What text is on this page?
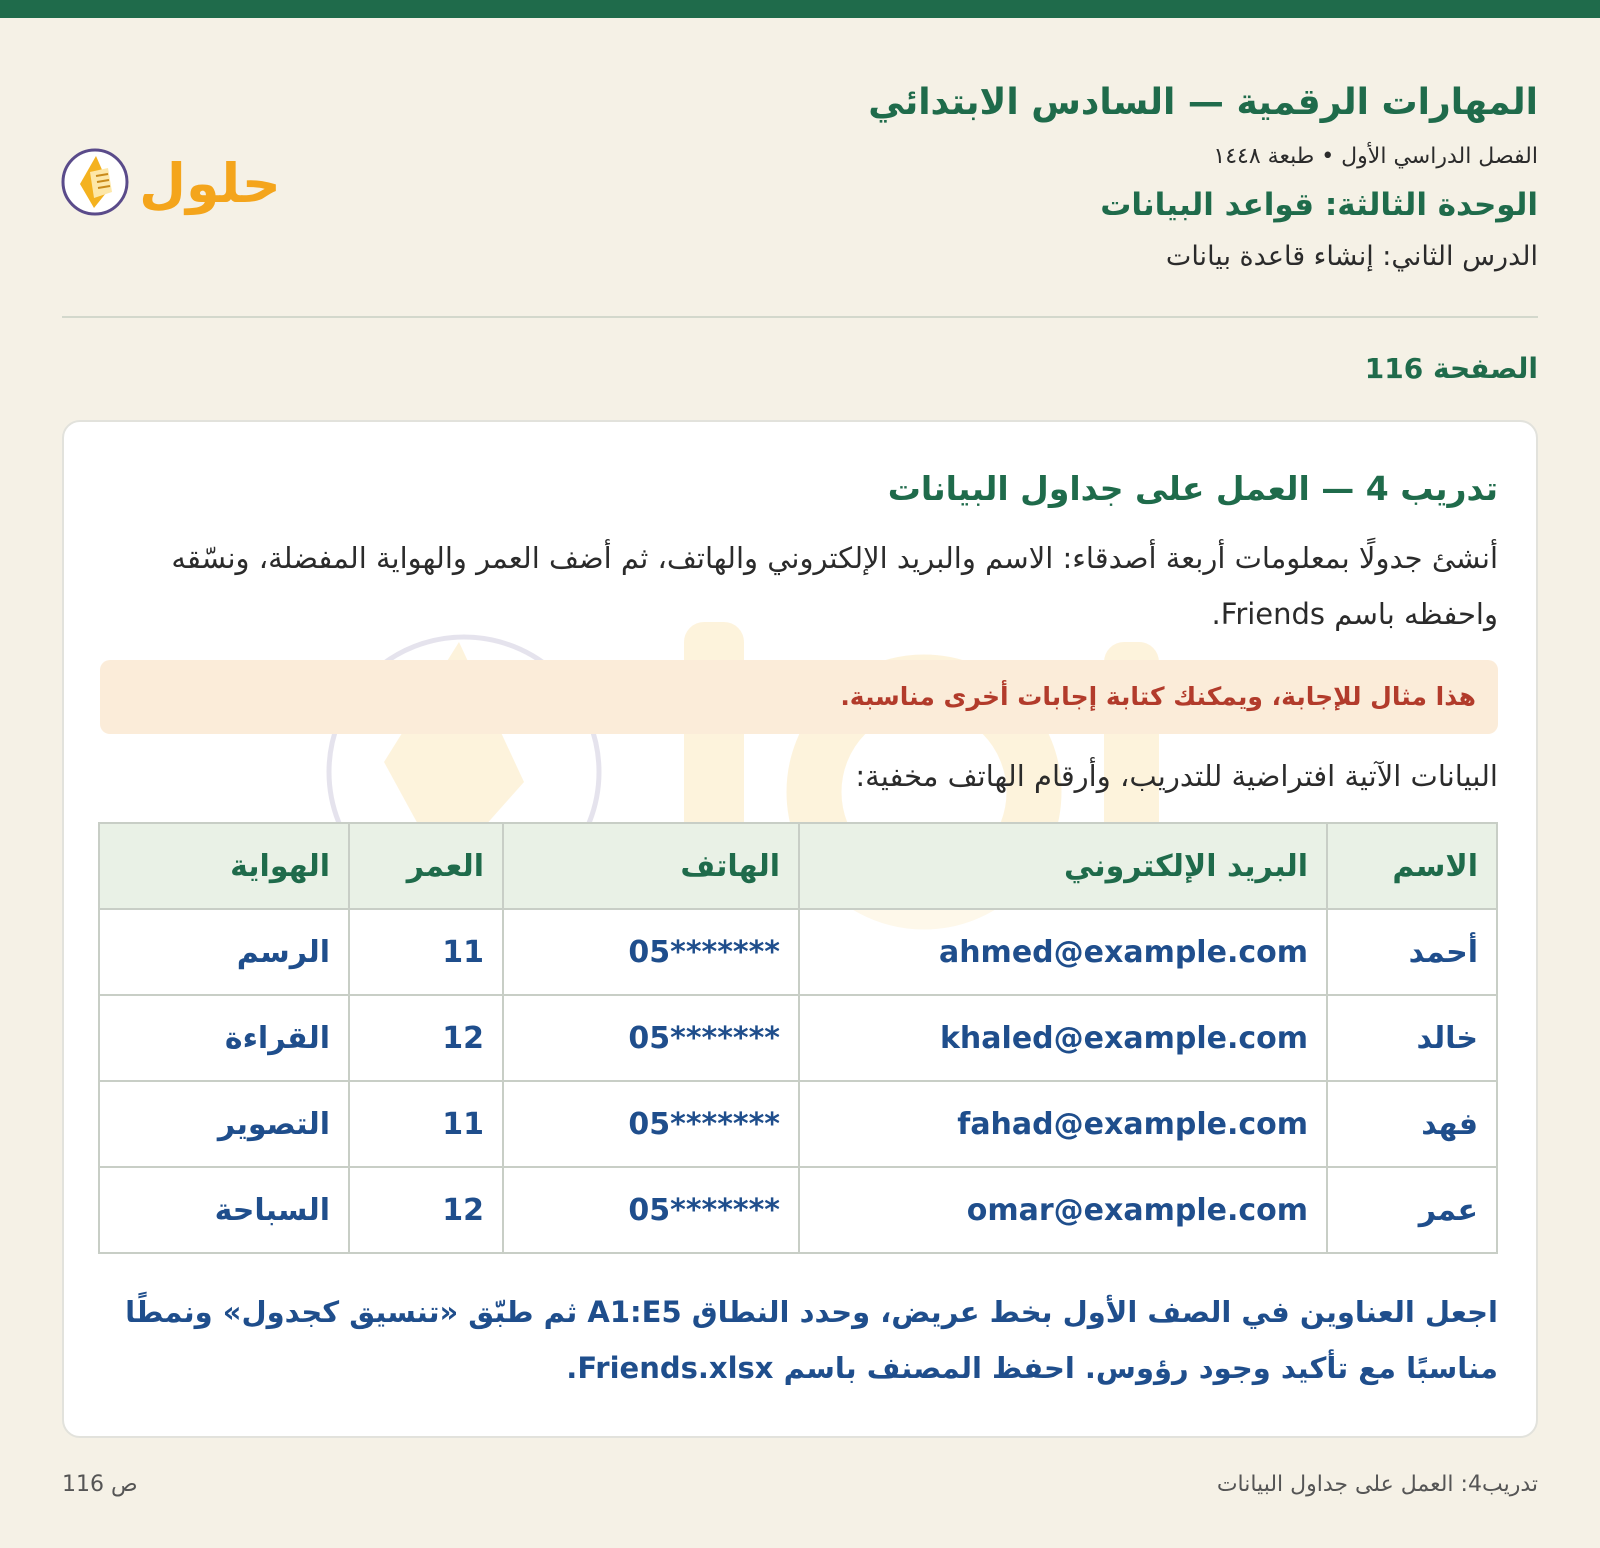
المهارات الرقمية — السادس الابتدائي
الفصل الدراسي الأول • طبعة ١٤٤٨
الوحدة الثالثة: قواعد البيانات
الدرس الثاني: إنشاء قاعدة بيانات
حلول
الصفحة 116
تدريب 4 — العمل على جداول البيانات
أنشئ جدولًا بمعلومات أربعة أصدقاء: الاسم والبريد الإلكتروني والهاتف، ثم أضف العمر والهواية المفضلة، ونسّقه واحفظه باسم Friends.
هذا مثال للإجابة، ويمكنك كتابة إجابات أخرى مناسبة.
البيانات الآتية افتراضية للتدريب، وأرقام الهاتف مخفية:
الاسم	البريد الإلكتروني	الهاتف	العمر	الهواية
أحمد	ahmed@example.com	05*******	11	الرسم
خالد	khaled@example.com	05*******	12	القراءة
فهد	fahad@example.com	05*******	11	التصوير
عمر	omar@example.com	05*******	12	السباحة
اجعل العناوين في الصف الأول بخط عريض، وحدد النطاق A1:E5 ثم طبّق «تنسيق كجدول» ونمطًا مناسبًا مع تأكيد وجود رؤوس. احفظ المصنف باسم Friends.xlsx.
ص 116	تدريب4: العمل على جداول البيانات
